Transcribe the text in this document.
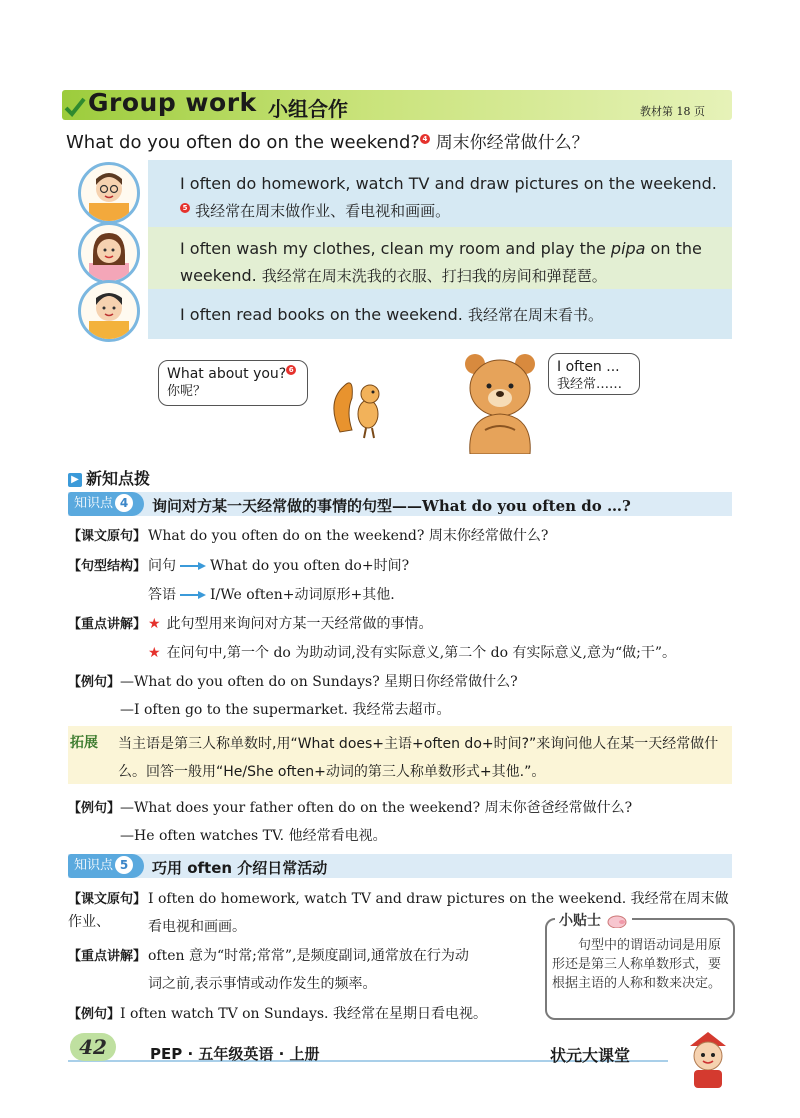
Group work 小组合作	教材第 18 页
What do you often do on the weekend? 4 周末你经常做什么？
I often do homework, watch TV and draw pictures on the weekend.5 我经常在周末做作业、看电视和画画。
I often wash my clothes, clean my room and play the pipa on the weekend. 我经常在周末洗我的衣服、打扫我的房间和弹琵琶。
I often read books on the weekend. 我经常在周末看书。
What about you? 6
你呢？
I often ...
我经常……
▶ 新知点拨
知识点 4	询问对方某一天经常做的事情的句型——What do you often do …?
【课文原句】 What do you often do on the weekend? 周末你经常做什么?
【句型结构】 问句 What do you often do+时间?
答语 I/We often+动词原形+其他.
【重点讲解】 ★ 此句型用来询问对方某一天经常做的事情。
★ 在问句中,第一个 do 为助动词,没有实际意义,第二个 do 有实际意义,意为“做;干”。
【例句】—What do you often do on Sundays? 星期日你经常做什么?
—I often go to the supermarket. 我经常去超市。
拓展 当主语是第三人称单数时,用“What does+主语+often do+时间?”来询问他人在某一天经常做什么。回答一般用“He/She often+动词的第三人称单数形式+其他.”。
【例句】—What does your father often do on the weekend? 周末你爸爸经常做什么?
—He often watches TV. 他经常看电视。
知识点 5	巧用 often 介绍日常活动
【课文原句】 I often do homework, watch TV and draw pictures on the weekend. 我经常在周末做作业、	看电视和画画。
【重点讲解】 often 意为“时常;常常”,是频度副词,通常放在行为动
词之前,表示事情或动作发生的频率。
【例句】I often watch TV on Sundays. 我经常在星期日看电视。
小贴士
句型中的谓语动词是用原形还是第三人称单数形式，要根据主语的人称和数来决定。
42	PEP · 五年级英语 · 上册	状元大课堂
